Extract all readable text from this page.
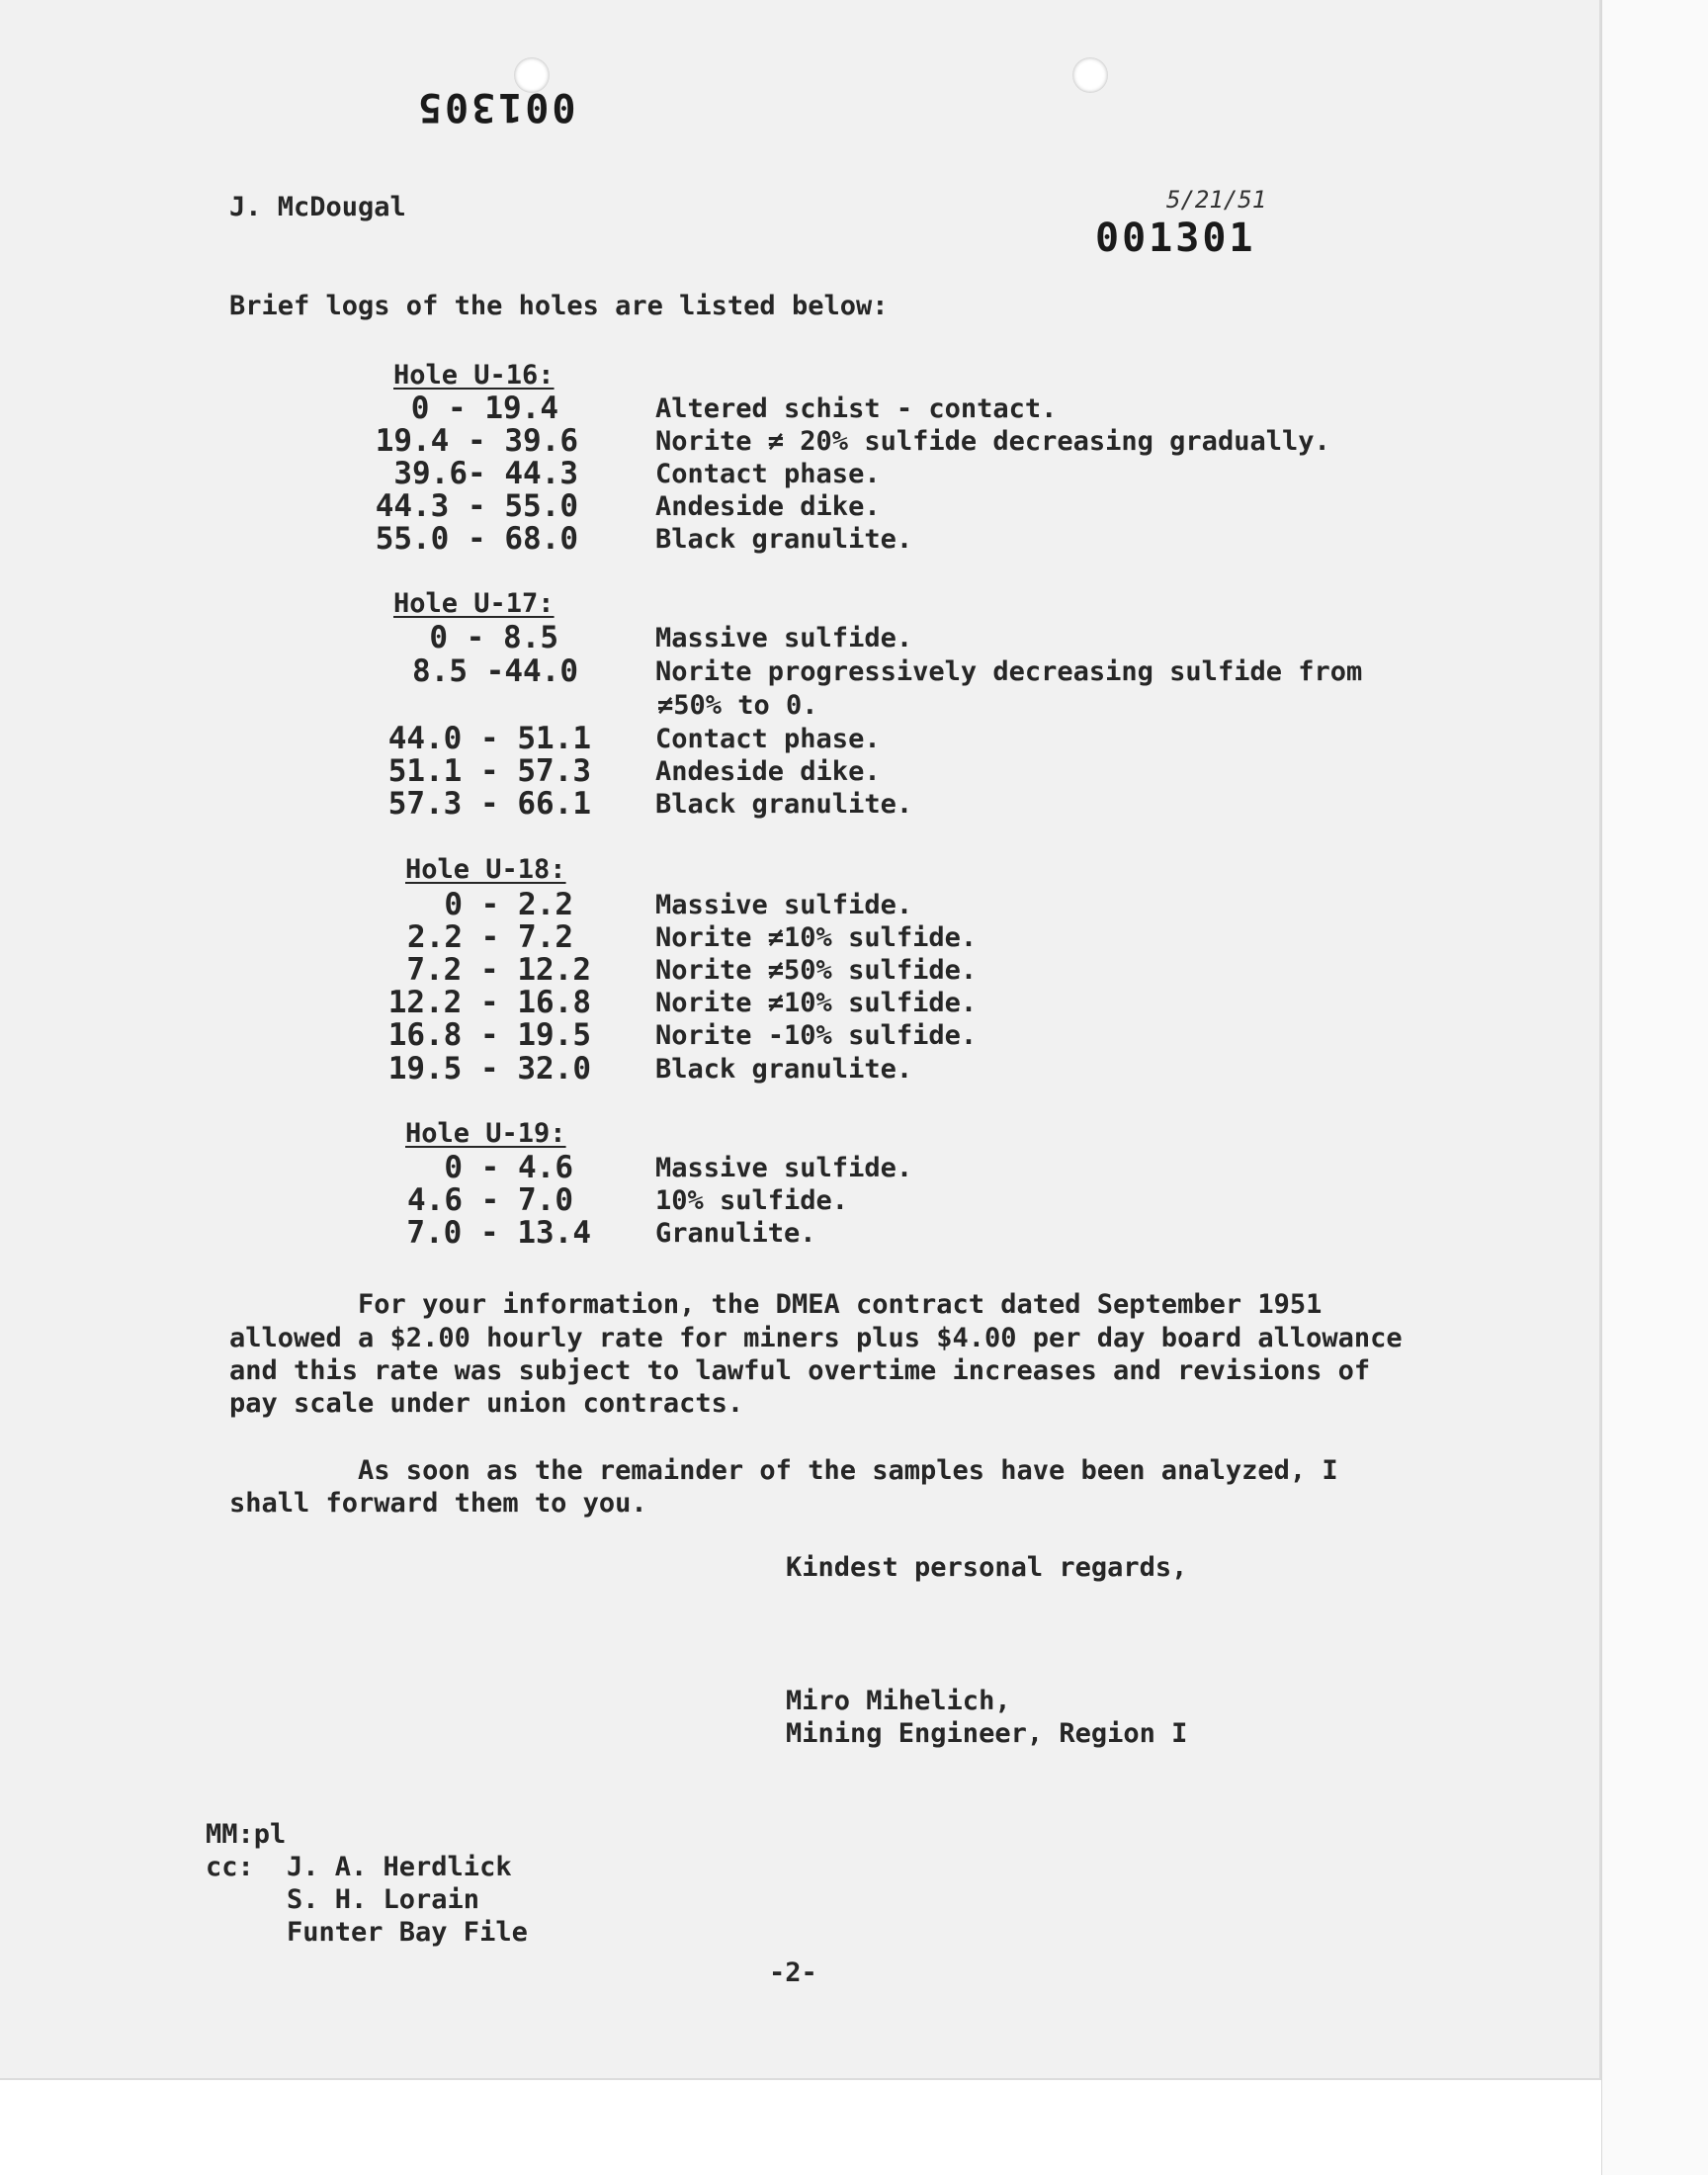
001305
001301
5/21/51
J. McDougal
Brief logs of the holes are listed below:
Hole U-16:
0 - 19.4	Altered schist - contact.
19.4 - 39.6	Norite ≠ 20% sulfide decreasing gradually.
39.6- 44.3	Contact phase.
44.3 - 55.0	Andeside dike.
55.0 - 68.0	Black granulite.
Hole U-17:
0 - 8.5	Massive sulfide.
8.5 -44.0	Norite progressively decreasing sulfide from
≠50% to 0.
44.0 - 51.1 Contact phase.
51.1 - 57.3 Andeside dike.
57.3 - 66.1 Black granulite.
Hole U-18:
0 - 2.2	Massive sulfide.
2.2 - 7.2	Norite ≠10% sulfide.
7.2 - 12.2 Norite ≠50% sulfide.
12.2 - 16.8 Norite ≠10% sulfide.
16.8 - 19.5 Norite -10% sulfide.
19.5 - 32.0 Black granulite.
Hole U-19:
0 - 4.6	Massive sulfide.
4.6 - 7.0	10% sulfide.
7.0 - 13.4 Granulite.
For your information, the DMEA contract dated September 1951
allowed a $2.00 hourly rate for miners plus $4.00 per day board allowance
and this rate was subject to lawful overtime increases and revisions of
pay scale under union contracts.
As soon as the remainder of the samples have been analyzed, I
shall forward them to you.
Kindest personal regards,
Miro Mihelich,
Mining Engineer, Region I
MM:pl
cc: J. A. Herdlick
S. H. Lorain
Funter Bay File
-2-
